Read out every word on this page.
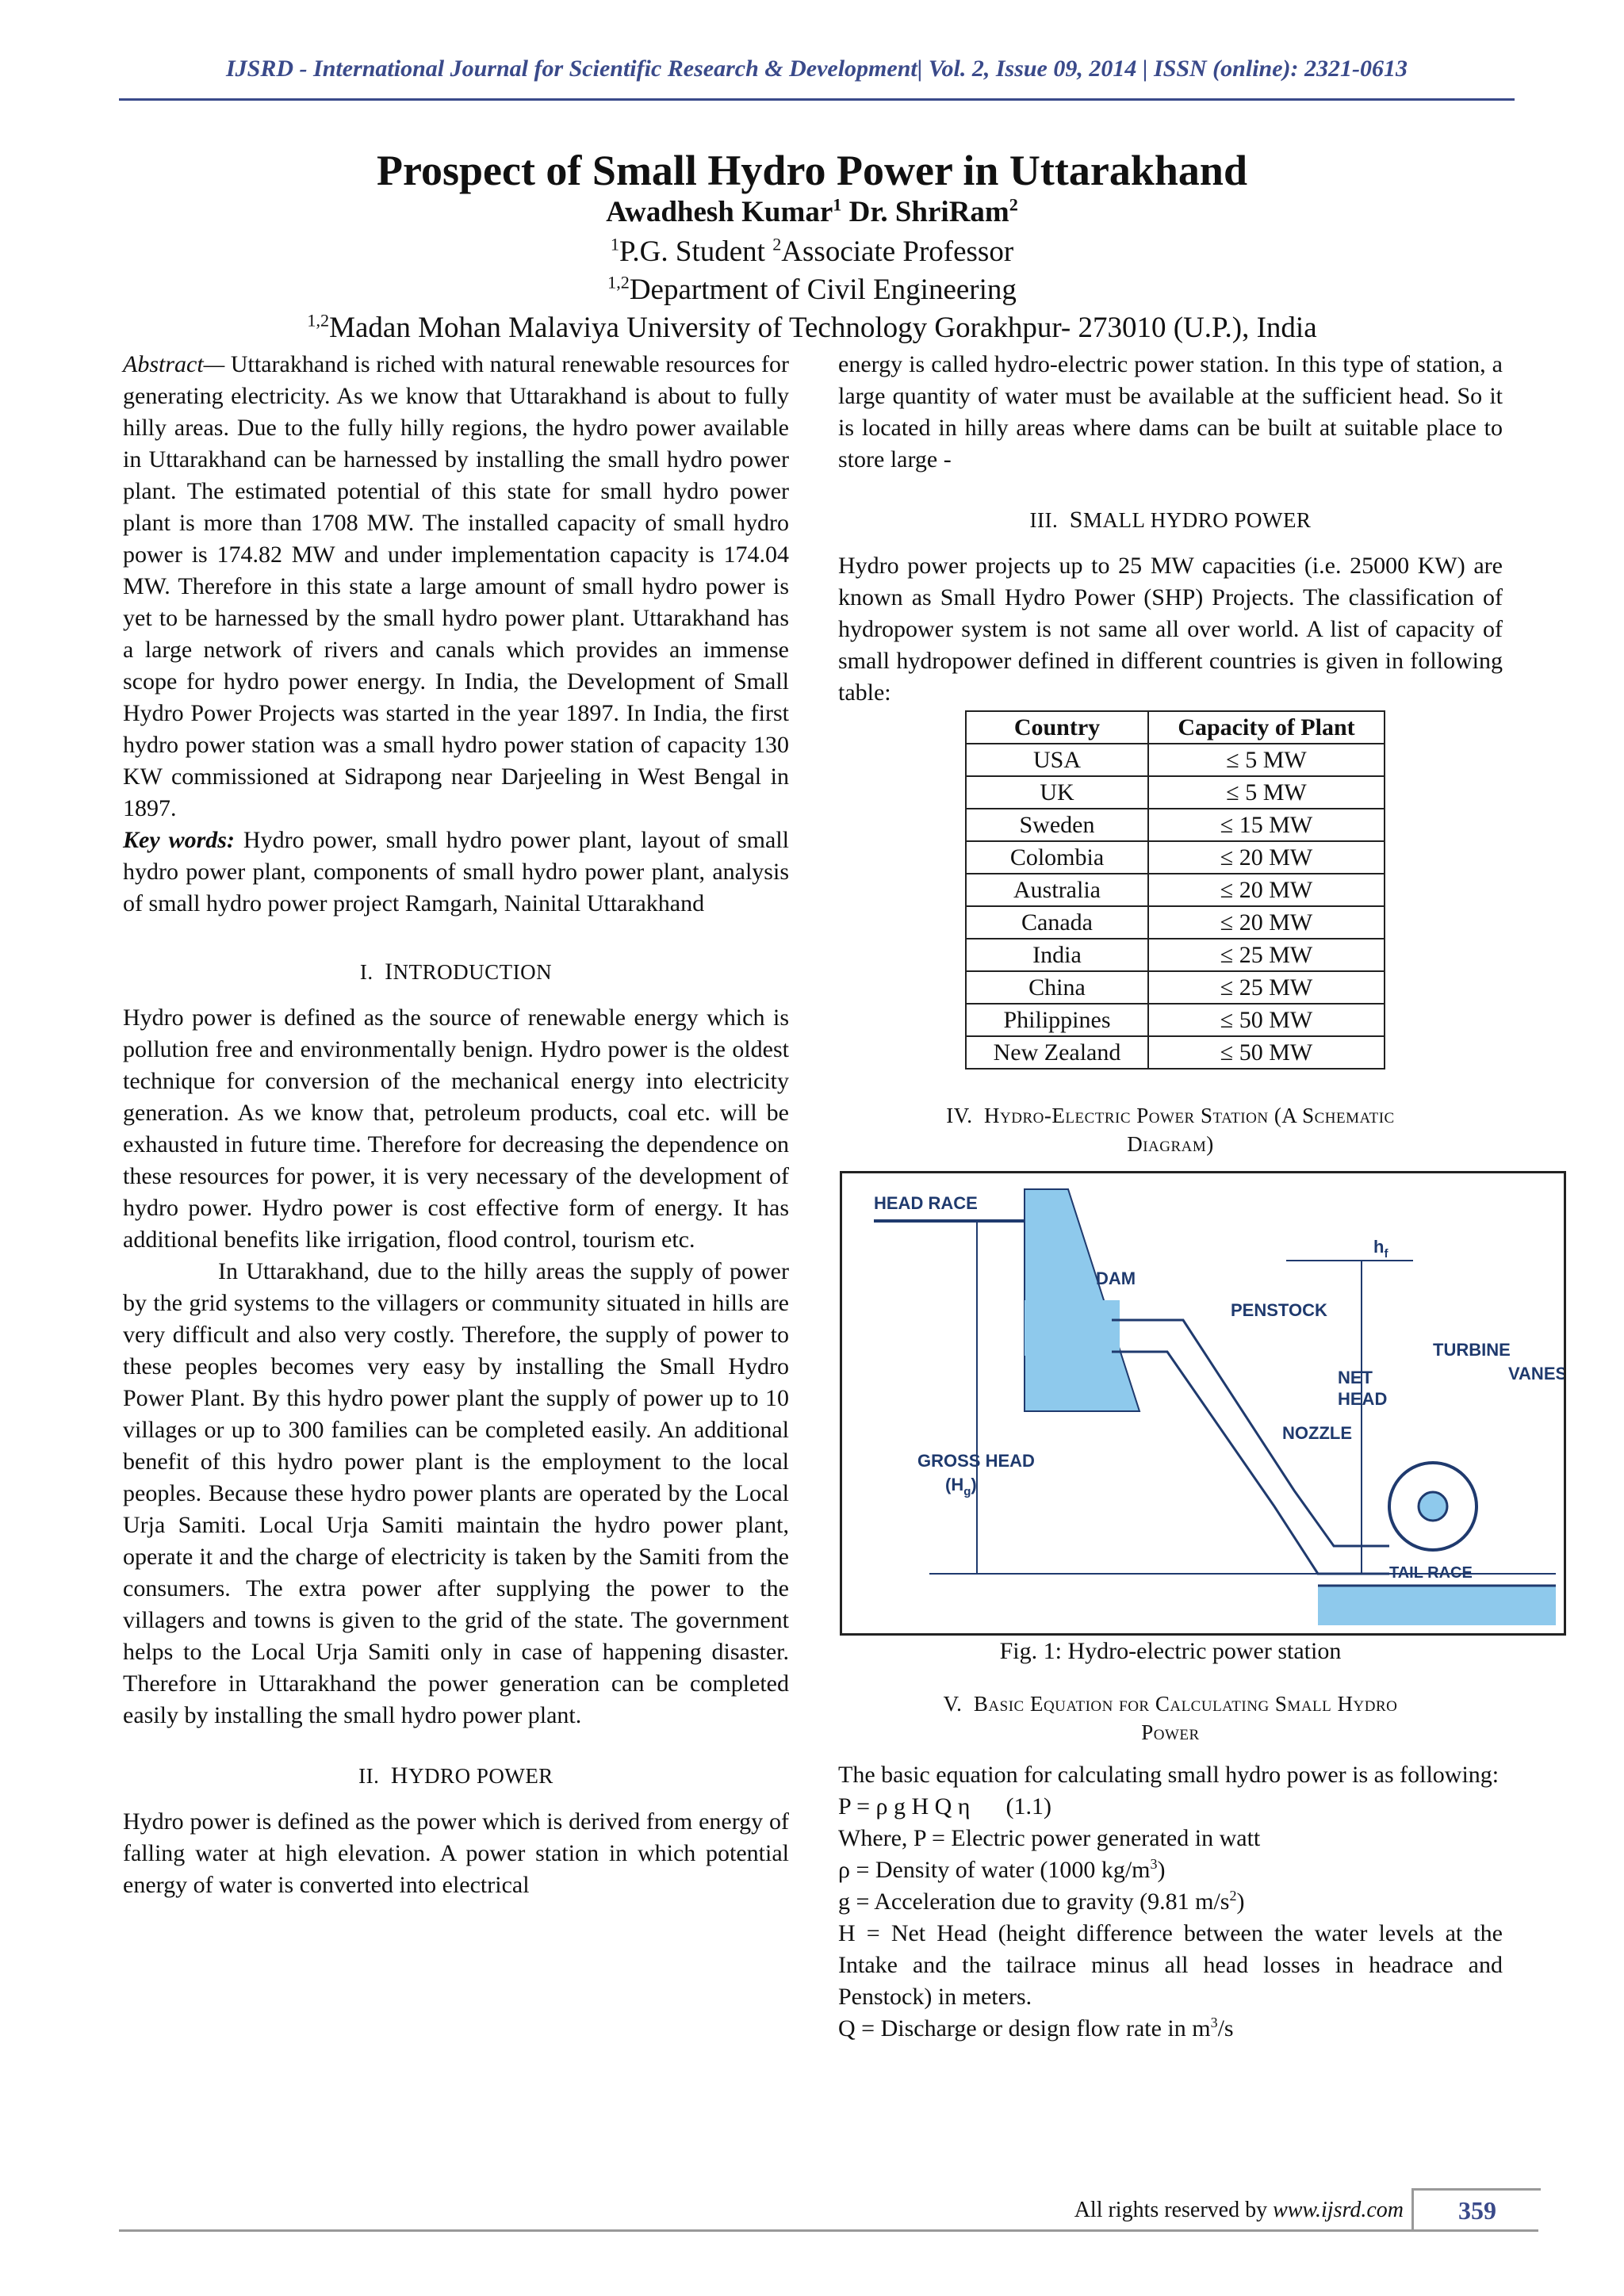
IJSRD - International Journal for Scientific Research & Development| Vol. 2, Issue 09, 2014 | ISSN (online): 2321-0613
Prospect of Small Hydro Power in Uttarakhand
Awadhesh Kumar$^1$ Dr. ShriRam$^2$
$^1$P.G. Student $^2$Associate Professor
$^{1,2}$Department of Civil Engineering
$^{1,2}$Madan Mohan Malaviya University of Technology Gorakhpur- 273010 (U.P.), India

Abstract— Uttarakhand is riched with natural renewable resources for generating electricity. As we know that Uttarakhand is about to fully hilly areas. Due to the fully hilly regions, the hydro power available in Uttarakhand can be harnessed by installing the small hydro power plant. The estimated potential of this state for small hydro power plant is more than 1708 MW. The installed capacity of small hydro power is 174.82 MW and under implementation capacity is 174.04 MW. Therefore in this state a large amount of small hydro power is yet to be harnessed by the small hydro power plant. Uttarakhand has a large network of rivers and canals which provides an immense scope for hydro power energy. In India, the Development of Small Hydro Power Projects was started in the year 1897. In India, the first hydro power station was a small hydro power station of capacity 130 KW commissioned at Sidrapong near Darjeeling in West Bengal in 1897.

Key words: Hydro power, small hydro power plant, layout of small hydro power plant, components of small hydro power plant, analysis of small hydro power project Ramgarh, Nainital Uttarakhand

I. INTRODUCTION

Hydro power is defined as the source of renewable energy which is pollution free and environmentally benign. Hydro power is the oldest technique for conversion of the mechanical energy into electricity generation. As we know that, petroleum products, coal etc. will be exhausted in future time. Therefore for decreasing the dependence on these resources for power, it is very necessary of the development of hydro power. Hydro power is cost effective form of energy. It has additional benefits like irrigation, flood control, tourism etc.

In Uttarakhand, due to the hilly areas the supply of power by the grid systems to the villagers or community situated in hills are very difficult and also very costly. Therefore, the supply of power to these peoples becomes very easy by installing the Small Hydro Power Plant. By this hydro power plant the supply of power up to 10 villages or up to 300 families can be completed easily. An additional benefit of this hydro power plant is the employment to the local peoples. Because these hydro power plants are operated by the Local Urja Samiti. Local Urja Samiti maintain the hydro power plant, operate it and the charge of electricity is taken by the Samiti from the consumers. The extra power after supplying the power to the villagers and towns is given to the grid of the state. The government helps to the Local Urja Samiti only in case of happening disaster. Therefore in Uttarakhand the power generation can be completed easily by installing the small hydro power plant.

II. HYDRO POWER

Hydro power is defined as the power which is derived from energy of falling water at high elevation. A power station in which potential energy of water is converted into electrical

energy is called hydro-electric power station. In this type of station, a large quantity of water must be available at the sufficient head. So it is located in hilly areas where dams can be built at suitable place to store large -

III. SMALL HYDRO POWER

Hydro power projects up to 25 MW capacities (i.e. 25000 KW) are known as Small Hydro Power (SHP) Projects. The classification of hydropower system is not same all over world. A list of capacity of small hydropower defined in different countries is given in following table:

Country	Capacity of Plant
USA	≤ 5 MW
UK	≤ 5 MW
Sweden	≤ 15 MW
Colombia	≤ 20 MW
Australia	≤ 20 MW
Canada	≤ 20 MW
India	≤ 25 MW
China	≤ 25 MW
Philippines	≤ 50 MW
New Zealand	≤ 50 MW
IV. Hydro-Electric Power Station (A Schematic
Diagram)
HEAD RACE
DAM
PENSTOCK
TURBINE
VANES
NET
HEAD
NOZZLE
GROSS HEAD
$(H_g)$
TAIL RACE
$h_f$

Fig. 1: Hydro-electric power station

V. Basic Equation for Calculating Small Hydro
Power

The basic equation for calculating small hydro power is as following:

P = ρ g H Q η      (1.1)

Where, P = Electric power generated in watt

ρ = Density of water (1000 $kg/m^3$)

g = Acceleration due to gravity (9.81 $m/s^2$)

H = Net Head (height difference between the water levels at the Intake and the tailrace minus all head losses in headrace and Penstock) in meters.

Q = Discharge or design flow rate in $m^3/s$

All rights reserved by www.ijsrd.com	359
